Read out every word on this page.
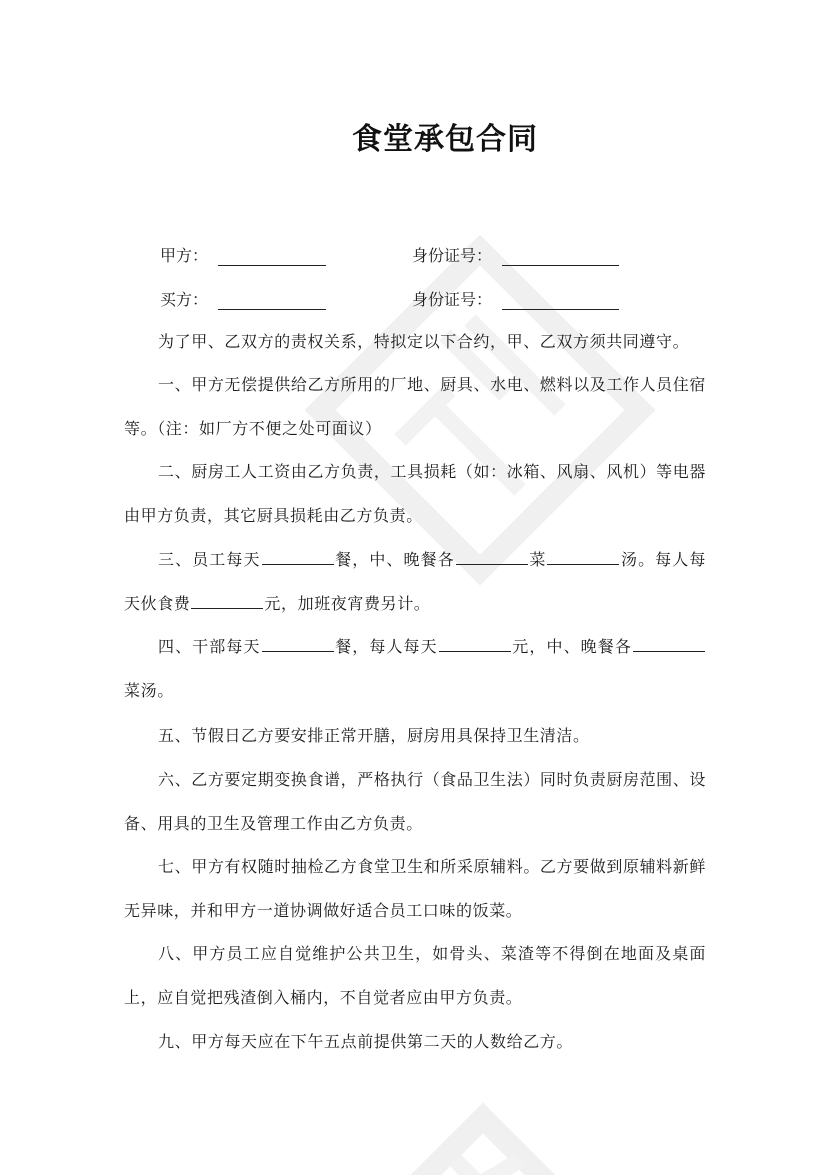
食堂承包合同
甲方：	身份证号：
买方：	身份证号：
为了甲、乙双方的责权关系，特拟定以下合约，甲、乙双方须共同遵守。
一、甲方无偿提供给乙方所用的厂地、厨具、水电、燃料以及工作人员住宿等。（注：如厂方不便之处可面议）
二、厨房工人工资由乙方负责，工具损耗（如：冰箱、风扇、风机）等电器由甲方负责，其它厨具损耗由乙方负责。
三、员工每天	餐，中、晚餐各	菜	汤。每人每天伙食费	元，加班夜宵费另计。
四、干部每天	餐，每人每天	元，中、晚餐各菜汤。
五、节假日乙方要安排正常开膳，厨房用具保持卫生清洁。
六、乙方要定期变换食谱，严格执行（食品卫生法）同时负责厨房范围、设备、用具的卫生及管理工作由乙方负责。
七、甲方有权随时抽检乙方食堂卫生和所采原辅料。乙方要做到原辅料新鲜无异味，并和甲方一道协调做好适合员工口味的饭菜。
八、甲方员工应自觉维护公共卫生，如骨头、菜渣等不得倒在地面及桌面上，应自觉把残渣倒入桶内，不自觉者应由甲方负责。
九、甲方每天应在下午五点前提供第二天的人数给乙方。
